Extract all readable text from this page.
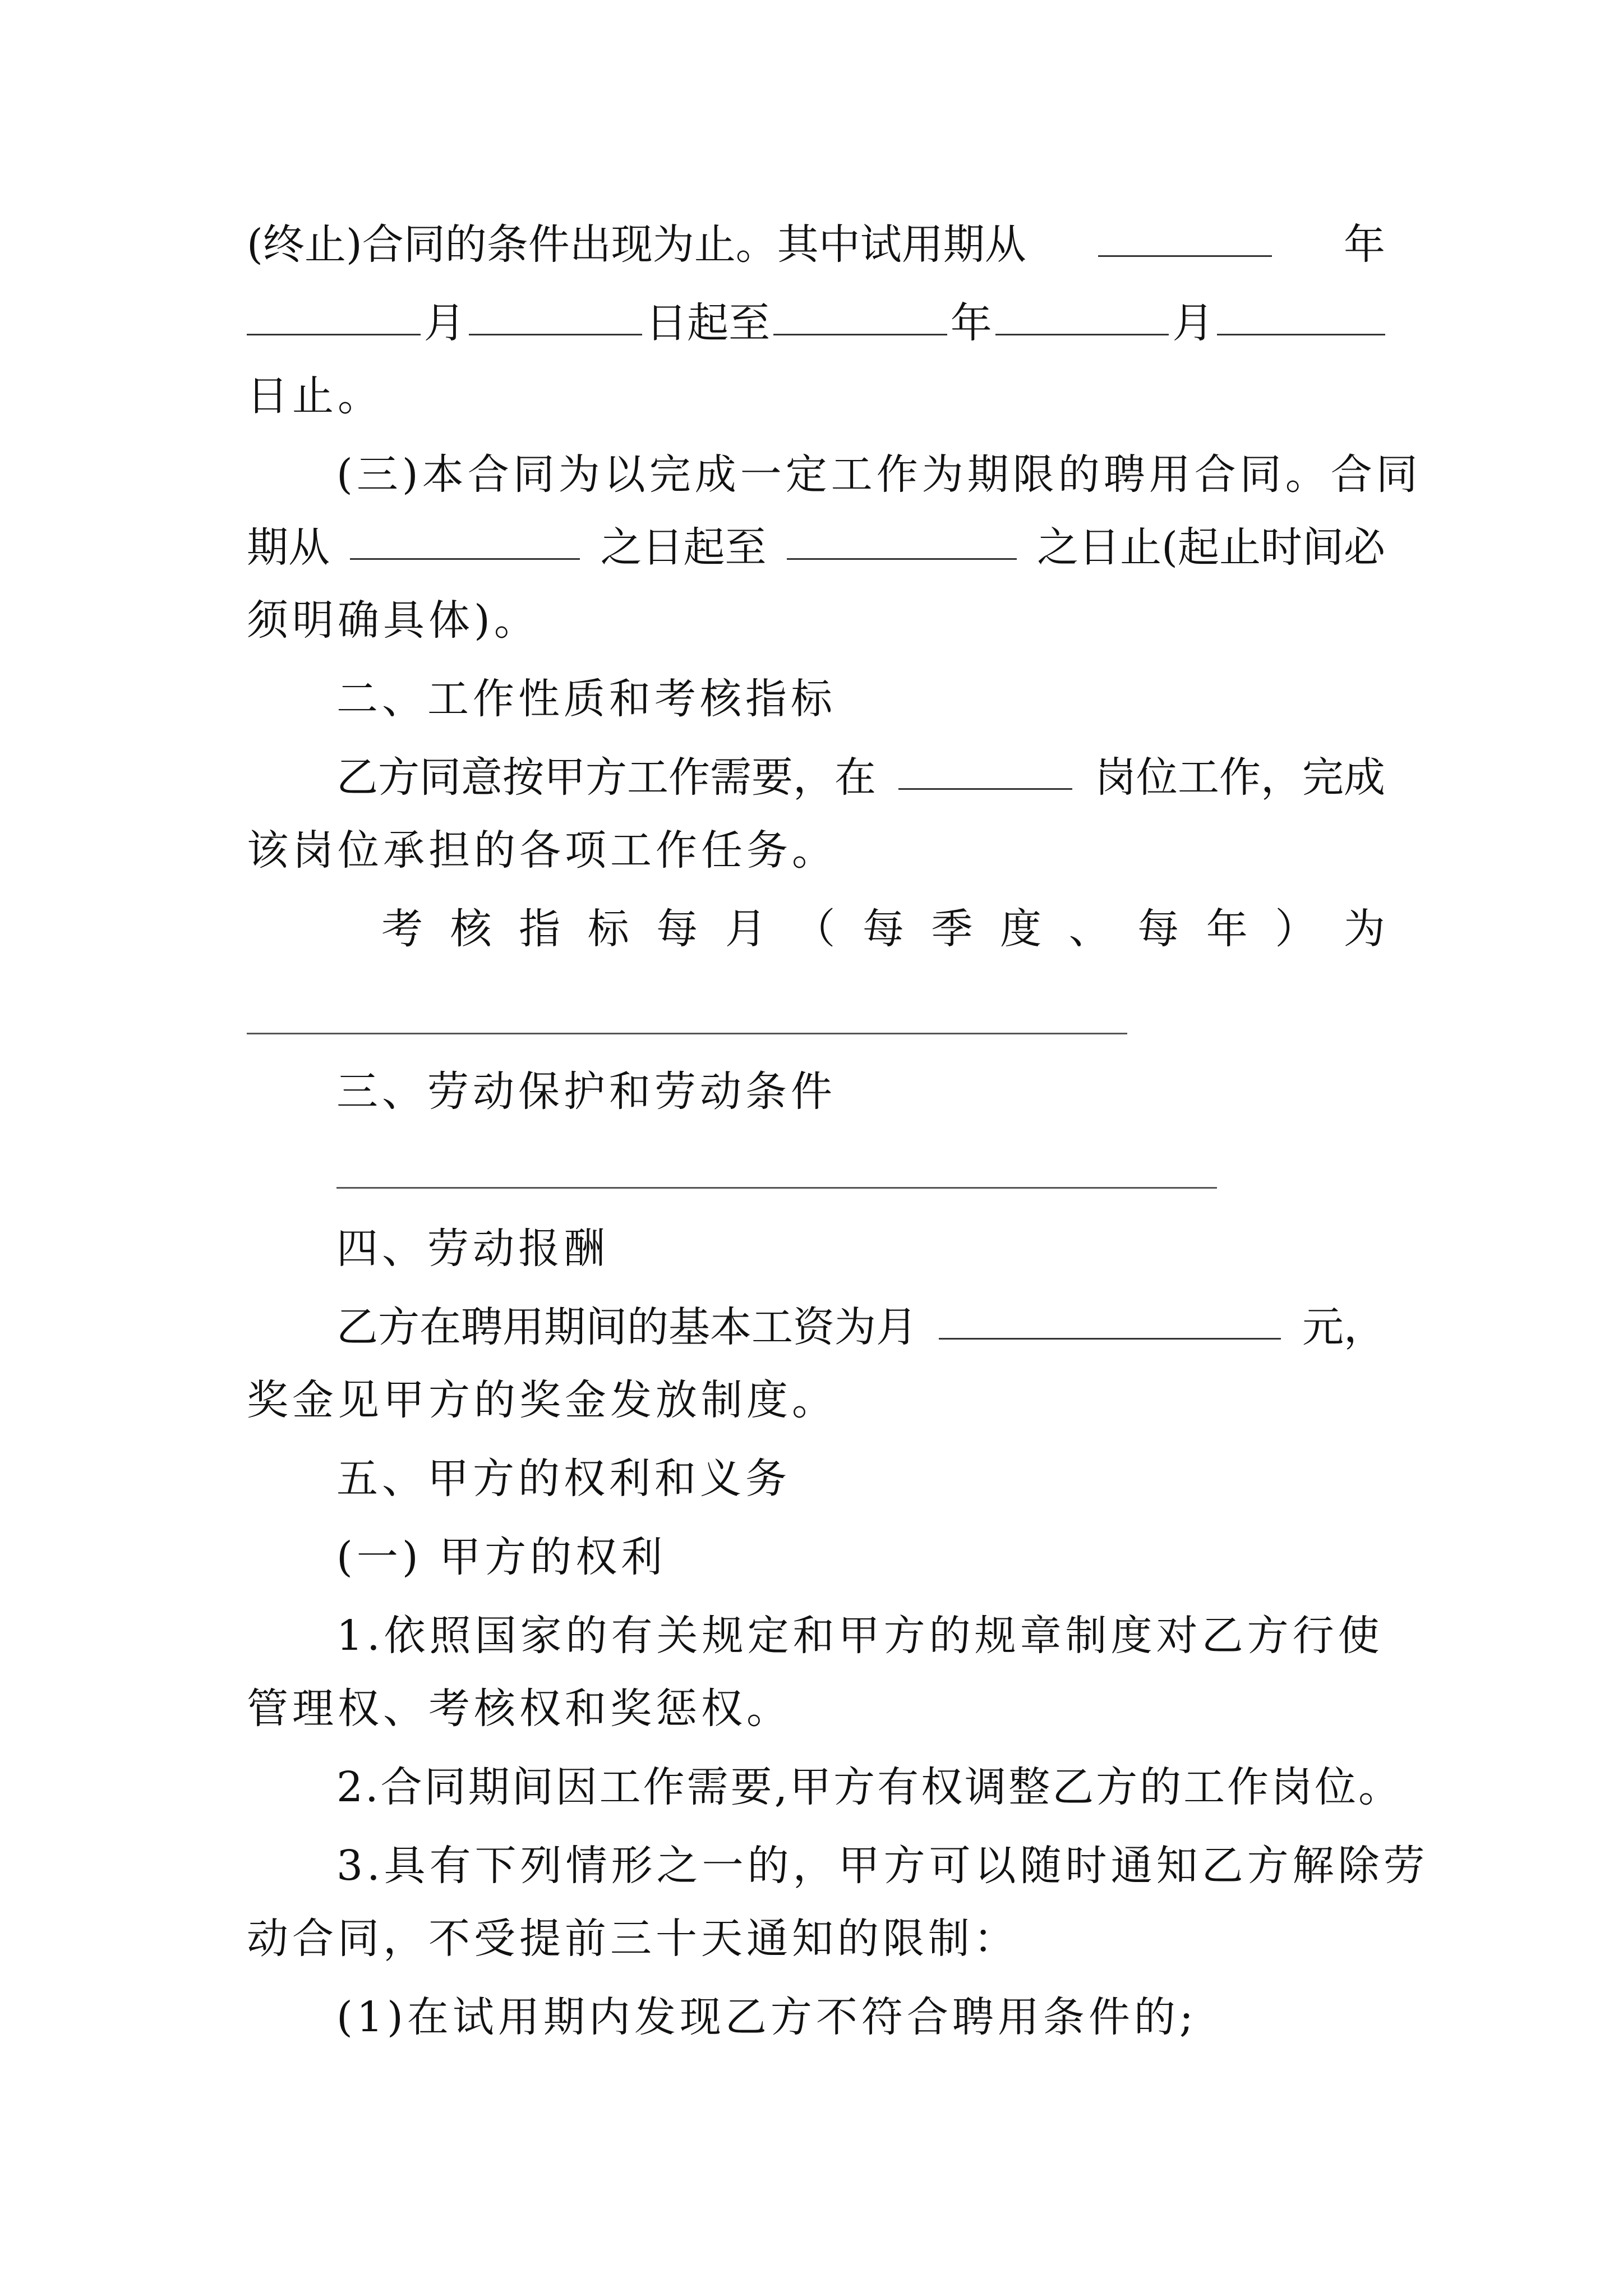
(终止)合同的条件出现为止。其中试用期从	年
月	日起至	年	月
日止。
(三)本合同为以完成一定工作为期限的聘用合同。合同
期从	之日起至	之日止(起止时间必
须明确具体)。
二、工作性质和考核指标
乙方同意按甲方工作需要，在	岗位工作，完成
该岗位承担的各项工作任务。
考 核 指 标 每 月 （ 每 季 度 、 每 年 ） 为
三、劳动保护和劳动条件
四、劳动报酬
乙方在聘用期间的基本工资为月	元，
奖金见甲方的奖金发放制度。
五、甲方的权利和义务
(一) 甲方的权利
1.依照国家的有关规定和甲方的规章制度对乙方行使
管理权、考核权和奖惩权。
2.合同期间因工作需要,甲方有权调整乙方的工作岗位。
3.具有下列情形之一的，甲方可以随时通知乙方解除劳
动合同，不受提前三十天通知的限制：
(1)在试用期内发现乙方不符合聘用条件的;
